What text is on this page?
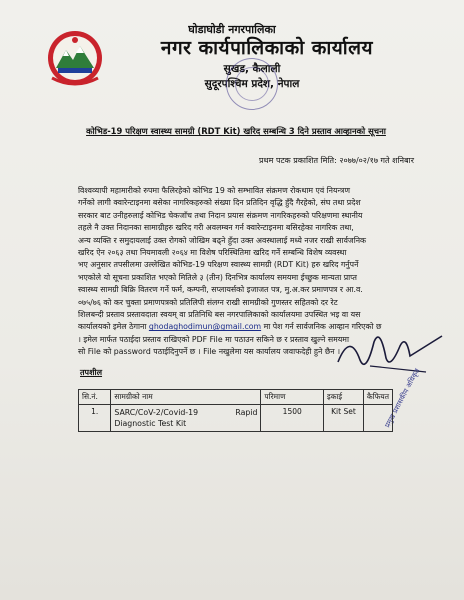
घोडाघोडी नगरपालिका
नगर कार्यपालिकाको कार्यालय
सुखड, कैलाली
सुदूरपश्चिम प्रदेश, नेपाल
कोभिड-19 परिक्षण स्वास्थ्य सामग्री (RDT Kit) खरिद सम्बन्धि 3 दिने प्रस्ताव आव्हानको सूचना
प्रथम पटक प्रकाशित मिति: २०७७/०२/१७ गते शनिबार
विश्वव्यापी महामारीको रुपमा फैलिरहेको कोभिड 19 को सम्भावित संक्रमण रोकथाम एवं नियन्त्रण
गर्नेको लागी क्वारेन्टाइनमा बसेका नागरिकहरुको संख्या दिन प्रतिदिन वृद्धि हुँदै गैरहेको, संघ तथा प्रदेश
सरकार बाट उनीहरुलाई कोभिड चेकजाँच तथा निदान प्रयास संक्रमण नागरिकहरुको परिक्षणमा स्थानीय
तहले नै उक्त निदानका सामाग्रीहरु खरिद गरी अवलम्बन गर्न क्वारेन्टाइनमा बसिरहेका नागरिक तथा,
अन्य व्यक्ति र समुदायलाई उक्त रोगको जोखिम बढ्ने हुँदा उक्त अवस्थालाई मध्ये नजर राखी सार्वजनिक
खरिद ऐन २०६३ तथा नियमावली २०६४ मा विशेष परिस्थितिमा खरिद गर्ने सम्बन्धि विशेष व्यवस्था
भए अनुसार तपसीलमा उल्लेखित कोभिड-19 परिक्षण स्वास्थ्य सामग्री (RDT Kit) हरु खरिद गर्नुपर्ने
भएकोले यो सूचना प्रकाशित भएको मितिले ३ (तीन) दिनभित्र कार्यालय समयमा ईच्छुक मान्यता प्राप्त
स्वास्थ्य सामग्री बिक्रि वितरण गर्ने फर्म, कम्पनी, सप्लायर्सको इजाजत पत्र, मु.अ.कर प्रमाणपत्र र आ.व.
०७५/७६ को कर चुक्ता प्रमाणपत्रको प्रतिलिपी संलग्न राखी सामग्रीको गुणस्तर सहितको दर रेट
शिलबन्दी प्रस्ताव प्रस्तावदाता स्वयम् वा प्रतिनिधि बस नगरपालिकाको कार्यालयमा उपस्थित भइ वा यस
कार्यालयको इमेल ठेगाना ghodaghodimun@gmail.com मा पेश गर्न सार्वजनिक आव्हान गरिएको छ
। इमेल मार्फत पठाईदा प्रस्ताव राखिएको PDF File मा पठाउन सकिने छ र प्रस्ताव खुल्ने समयमा
सो File को password पठाईदिनुपर्ने छ । File नखुलेमा यस कार्यालय जवाफदेही हुने छैन ।
प्रमुख प्रशासकीय अधिकृत
तपशील
सि.नं.	सामग्रीको नाम	परिमाण	इकाई	कैफियत
1.	SARC/CoV-2/Covid-19 Rapid Diagnostic Test Kit	1500	Kit Set	
